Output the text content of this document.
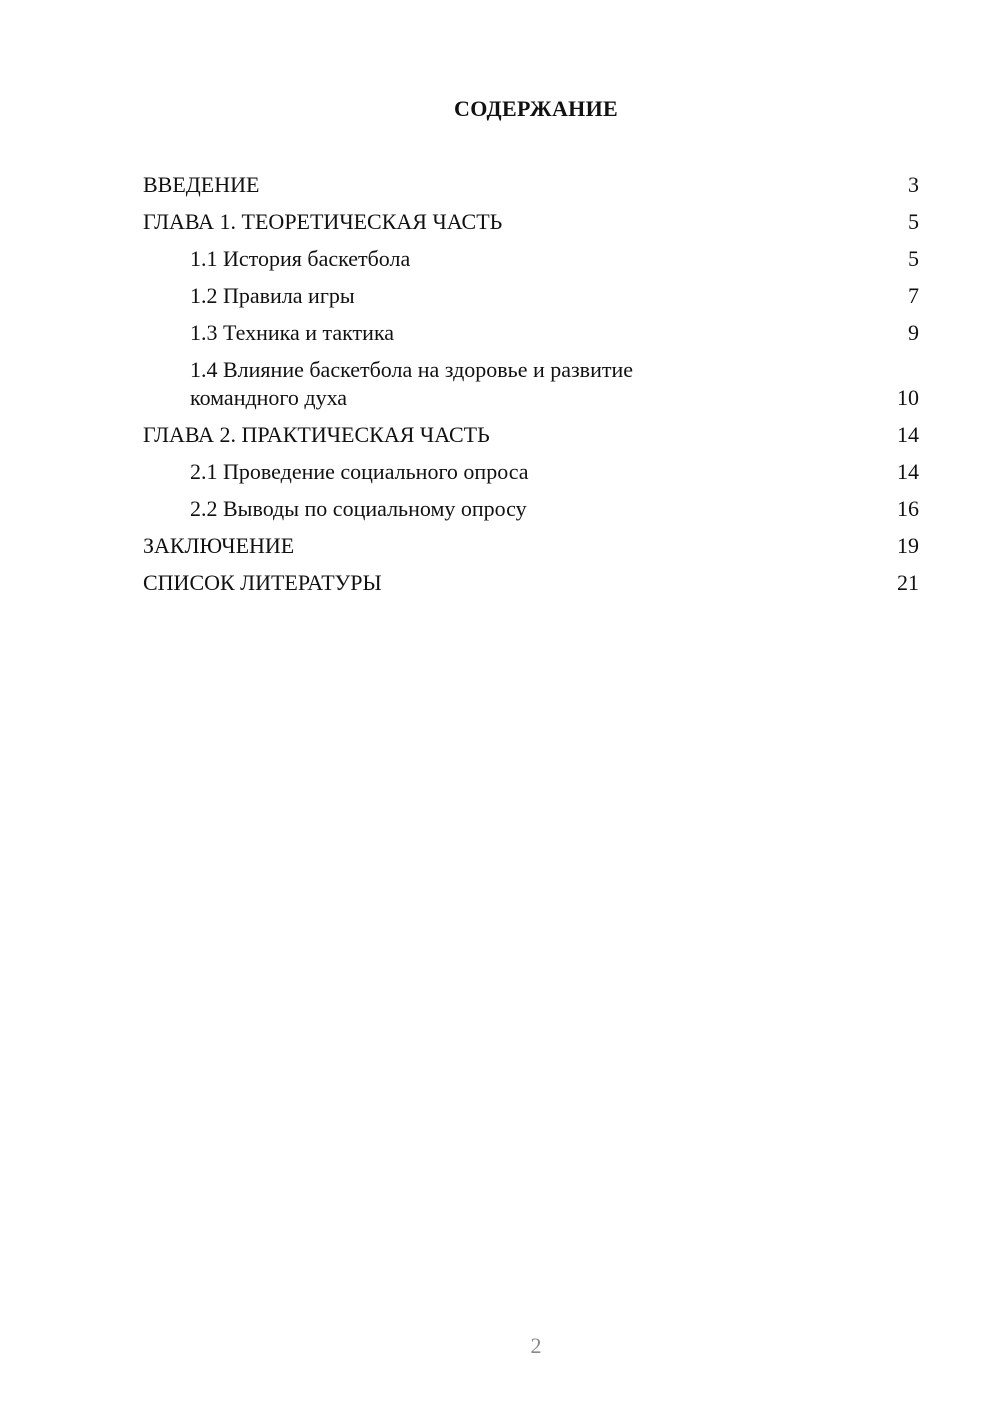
СОДЕРЖАНИЕ
ВВЕДЕНИЕ	3
ГЛАВА 1. ТЕОРЕТИЧЕСКАЯ ЧАСТЬ	5
1.1 История баскетбола	5
1.2 Правила игры	7
1.3 Техника и тактика	9
1.4 Влияние баскетбола на здоровье и развитие командного духа	10
ГЛАВА 2. ПРАКТИЧЕСКАЯ ЧАСТЬ	14
2.1 Проведение социального опроса	14
2.2 Выводы по социальному опросу	16
ЗАКЛЮЧЕНИЕ	19
СПИСОК ЛИТЕРАТУРЫ	21
2
